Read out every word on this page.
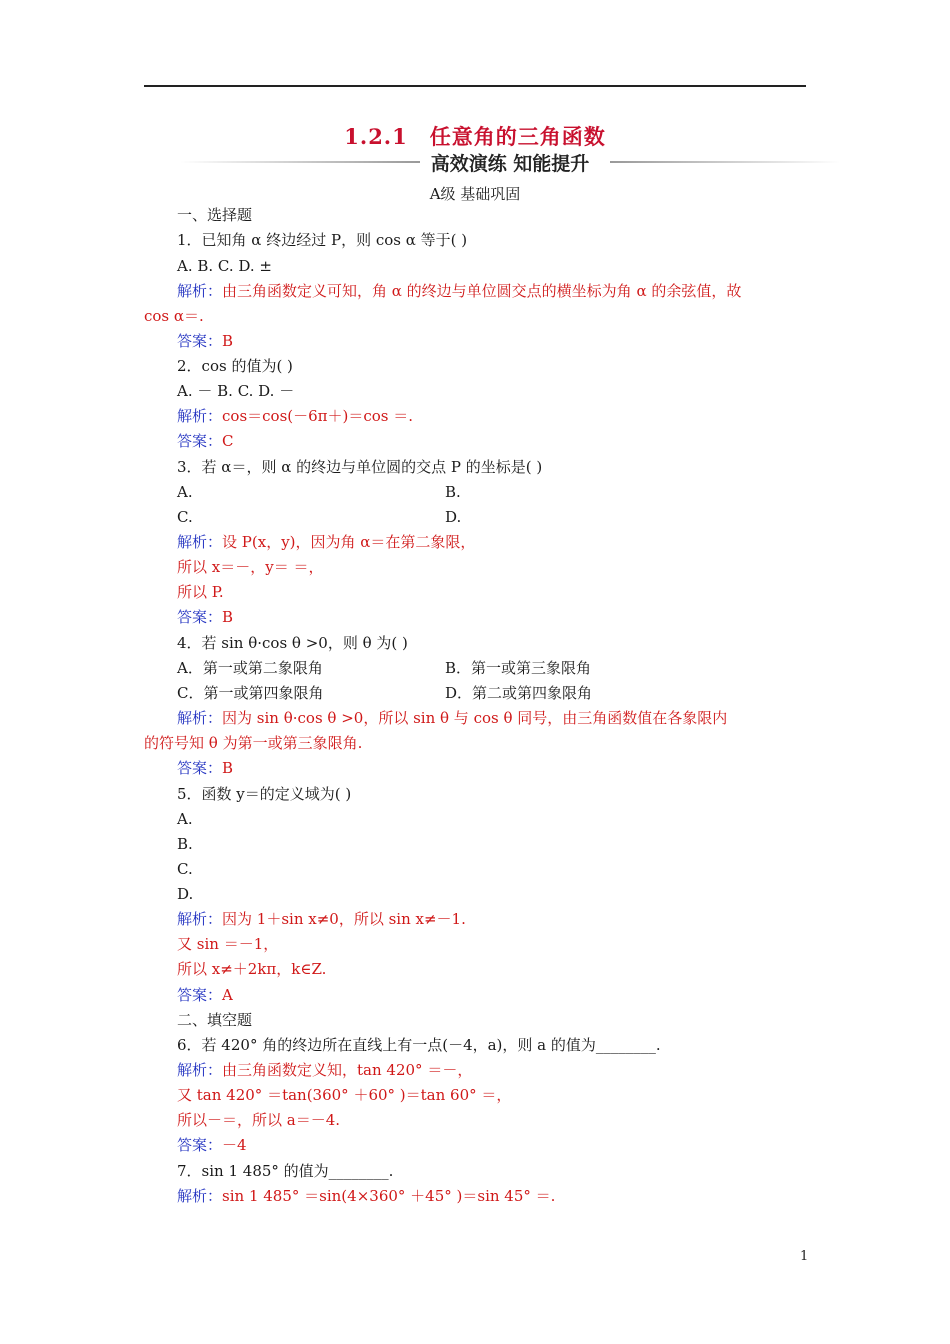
1.2.1 任意角的三角函数
高效演练 知能提升
A级 基础巩固
一、选择题
1．已知角 α 终边经过 P，则 cos α 等于( )
A. B. C. D. ±
解析：由三角函数定义可知，角 α 的终边与单位圆交点的横坐标为角 α 的余弦值，故
cos α＝.
答案：B
2．cos 的值为( )
A. － B. C. D. －
解析：cos＝cos(－6π＋)＝cos ＝.
答案：C
3．若 α＝，则 α 的终边与单位圆的交点 P 的坐标是( )
A.	B.
C.	D.
解析：设 P(x，y)，因为角 α＝在第二象限，
所以 x＝－，y＝ ＝，
所以 P.
答案：B
4．若 sin θ·cos θ >0，则 θ 为( )
A．第一或第二象限角	B．第一或第三象限角
C．第一或第四象限角	D．第二或第四象限角
解析：因为 sin θ·cos θ >0，所以 sin θ 与 cos θ 同号，由三角函数值在各象限内
的符号知 θ 为第一或第三象限角.
答案：B
5．函数 y＝的定义域为( )
A.
B.
C.
D.
解析：因为 1＋sin x≠0，所以 sin x≠－1.
又 sin ＝－1，
所以 x≠＋2kπ，k∈Z.
答案：A
二、填空题
6．若 420° 角的终边所在直线上有一点(－4，a)，则 a 的值为________.
解析：由三角函数定义知，tan 420° ＝－，
又 tan 420° ＝tan(360° ＋60° )＝tan 60° ＝，
所以－＝，所以 a＝－4.
答案：－4
7．sin 1 485° 的值为________.
解析：sin 1 485° ＝sin(4×360° ＋45° )＝sin 45° ＝.
1
